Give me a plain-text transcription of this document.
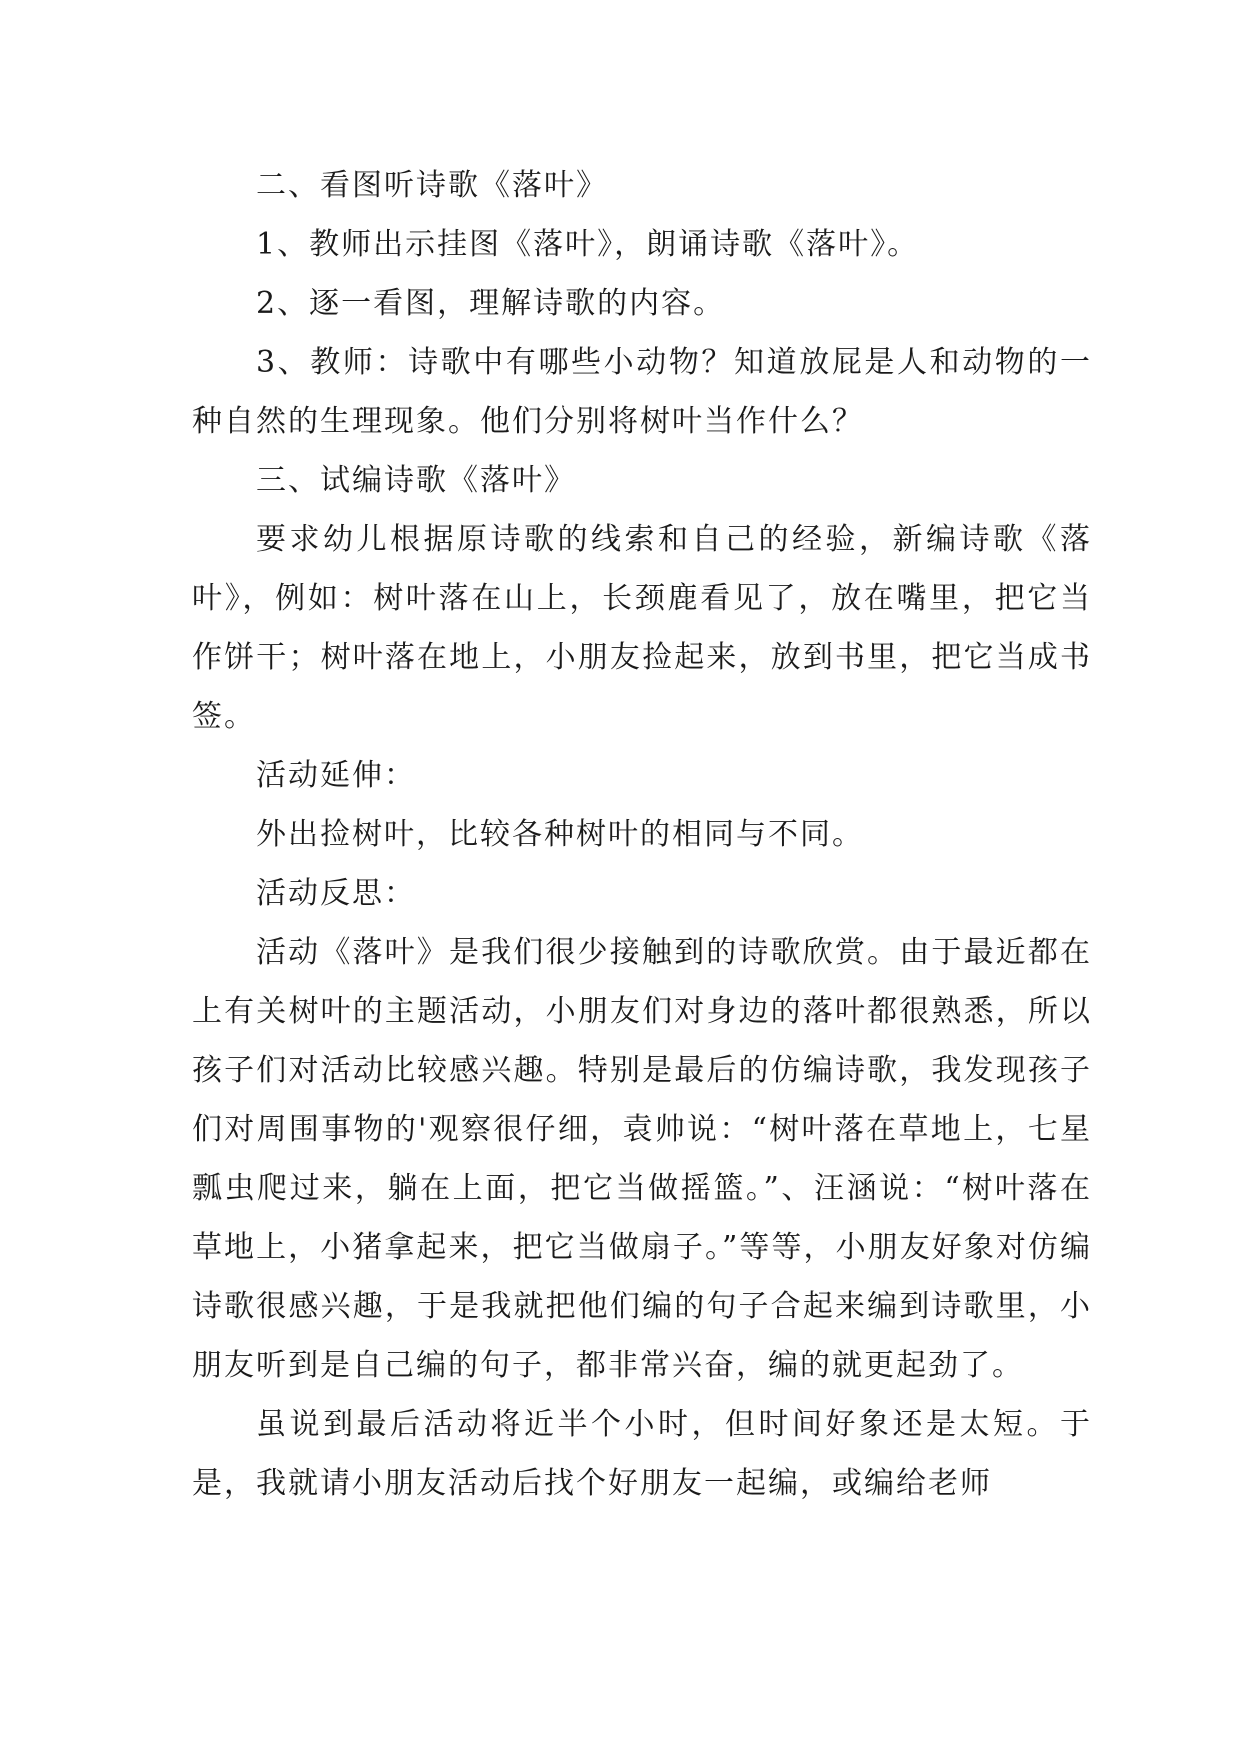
二、看图听诗歌《落叶》

1、教师出示挂图《落叶》，朗诵诗歌《落叶》。

2、逐一看图，理解诗歌的内容。

3、教师：诗歌中有哪些小动物？知道放屁是人和动物的一种自然的生理现象。他们分别将树叶当作什么？

三、试编诗歌《落叶》

要求幼儿根据原诗歌的线索和自己的经验，新编诗歌《落叶》，例如：树叶落在山上，长颈鹿看见了，放在嘴里，把它当作饼干；树叶落在地上，小朋友捡起来，放到书里，把它当成书签。

活动延伸：

外出捡树叶，比较各种树叶的相同与不同。

活动反思：

活动《落叶》是我们很少接触到的诗歌欣赏。由于最近都在上有关树叶的主题活动，小朋友们对身边的落叶都很熟悉，所以孩子们对活动比较感兴趣。特别是最后的仿编诗歌，我发现孩子们对周围事物的'观察很仔细，袁帅说：“树叶落在草地上，七星瓢虫爬过来，躺在上面，把它当做摇篮。”、汪涵说：“树叶落在草地上，小猪拿起来，把它当做扇子。”等等，小朋友好象对仿编诗歌很感兴趣，于是我就把他们编的句子合起来编到诗歌里，小朋友听到是自己编的句子，都非常兴奋，编的就更起劲了。

虽说到最后活动将近半个小时，但时间好象还是太短。于是，我就请小朋友活动后找个好朋友一起编，或编给老师
